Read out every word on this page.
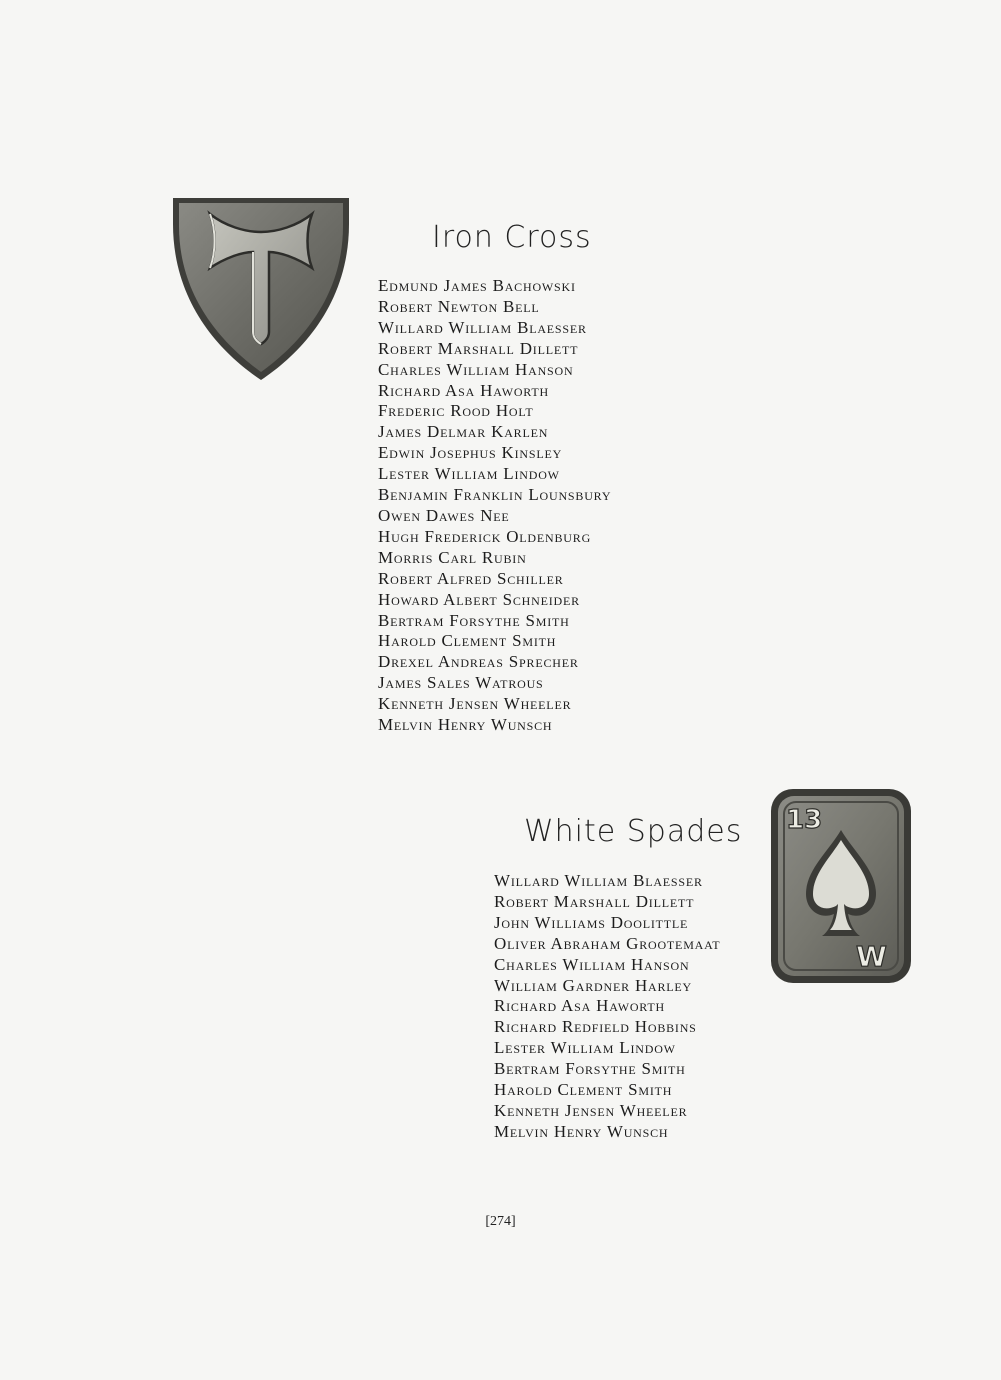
Iron Cross
Edmund James Bachowski
Robert Newton Bell
Willard William Blaesser
Robert Marshall Dillett
Charles William Hanson
Richard Asa Haworth
Frederic Rood Holt
James Delmar Karlen
Edwin Josephus Kinsley
Lester William Lindow
Benjamin Franklin Lounsbury
Owen Dawes Nee
Hugh Frederick Oldenburg
Morris Carl Rubin
Robert Alfred Schiller
Howard Albert Schneider
Bertram Forsythe Smith
Harold Clement Smith
Drexel Andreas Sprecher
James Sales Watrous
Kenneth Jensen Wheeler
Melvin Henry Wunsch
White Spades 13
W
Willard William Blaesser
Robert Marshall Dillett
John Williams Doolittle
Oliver Abraham Grootemaat
Charles William Hanson
William Gardner Harley
Richard Asa Haworth
Richard Redfield Hobbins
Lester William Lindow
Bertram Forsythe Smith
Harold Clement Smith
Kenneth Jensen Wheeler
Melvin Henry Wunsch
[274]
